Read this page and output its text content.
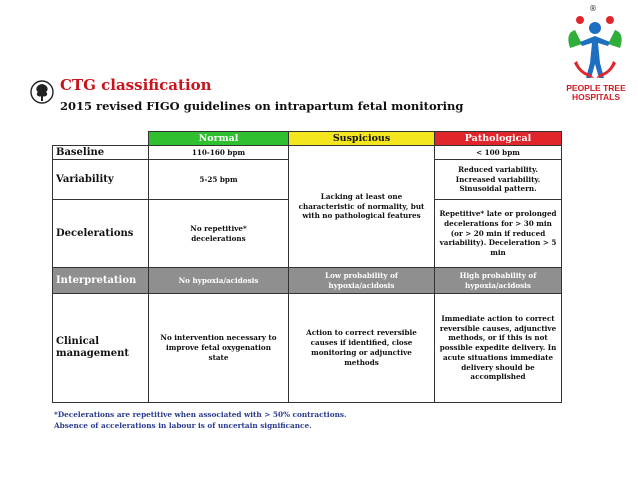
®
PEOPLE TREE
HOSPITALS
CTG classification
2015 revised FIGO guidelines on intrapartum fetal monitoring
	Normal	Suspicious	Pathological
Baseline	110-160 bpm	Lacking at least one characteristic of normality, but with no pathological features	< 100 bpm
Variability	5-25 bpm		Reduced variability. Increased variability. Sinusoidal pattern.
Decelerations	No repetitive* decelerations		Repetitive* late or prolonged decelerations for > 30 min (or > 20 min if reduced variability). Deceleration > 5 min
Interpretation	No hypoxia/acidosis	Low probability of hypoxia/acidosis	High probability of hypoxia/acidosis

Clinical management	No intervention necessary to improve fetal oxygenation state	Action to correct reversible causes if identified, close monitoring or adjunctive methods	Immediate action to correct reversible causes, adjunctive methods, or if this is not possible expedite delivery. In acute situations immediate delivery should be accomplished
*Decelerations are repetitive when associated with > 50% contractions.
Absence of accelerations in labour is of uncertain significance.
